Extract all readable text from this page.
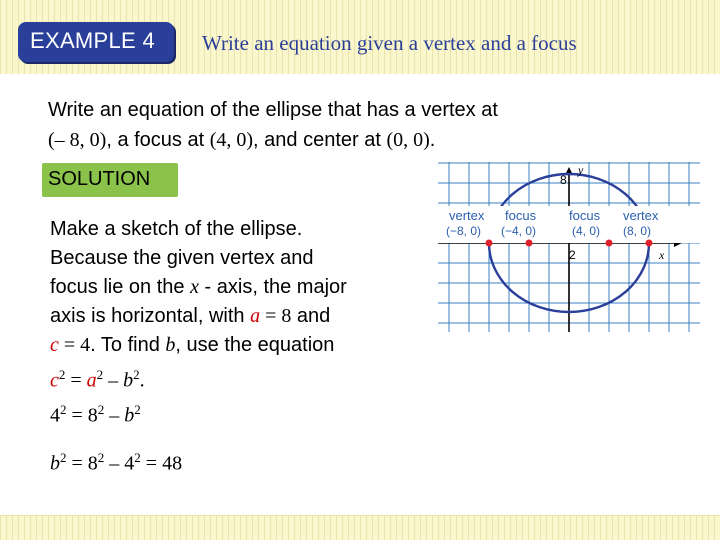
EXAMPLE 4 Write an equation given a vertex and a focus
Write an equation of the ellipse that has a vertex at
(– 8, 0), a focus at (4, 0), and center at (0, 0).
SOLUTION
Make a sketch of the ellipse.
Because the given vertex and
focus lie on the x - axis, the major
axis is horizontal, with a = 8 and
c = 4. To find b, use the equation
$c^2 = a^2 - b^2$.
$4^2 = 8^2 - b^2$
$b^2 = 8^2 - 4^2 = 48$
y
8
2	x
vertex
(−8, 0)
focus
(−4, 0)
focus
(4, 0)
vertex
(8, 0)
